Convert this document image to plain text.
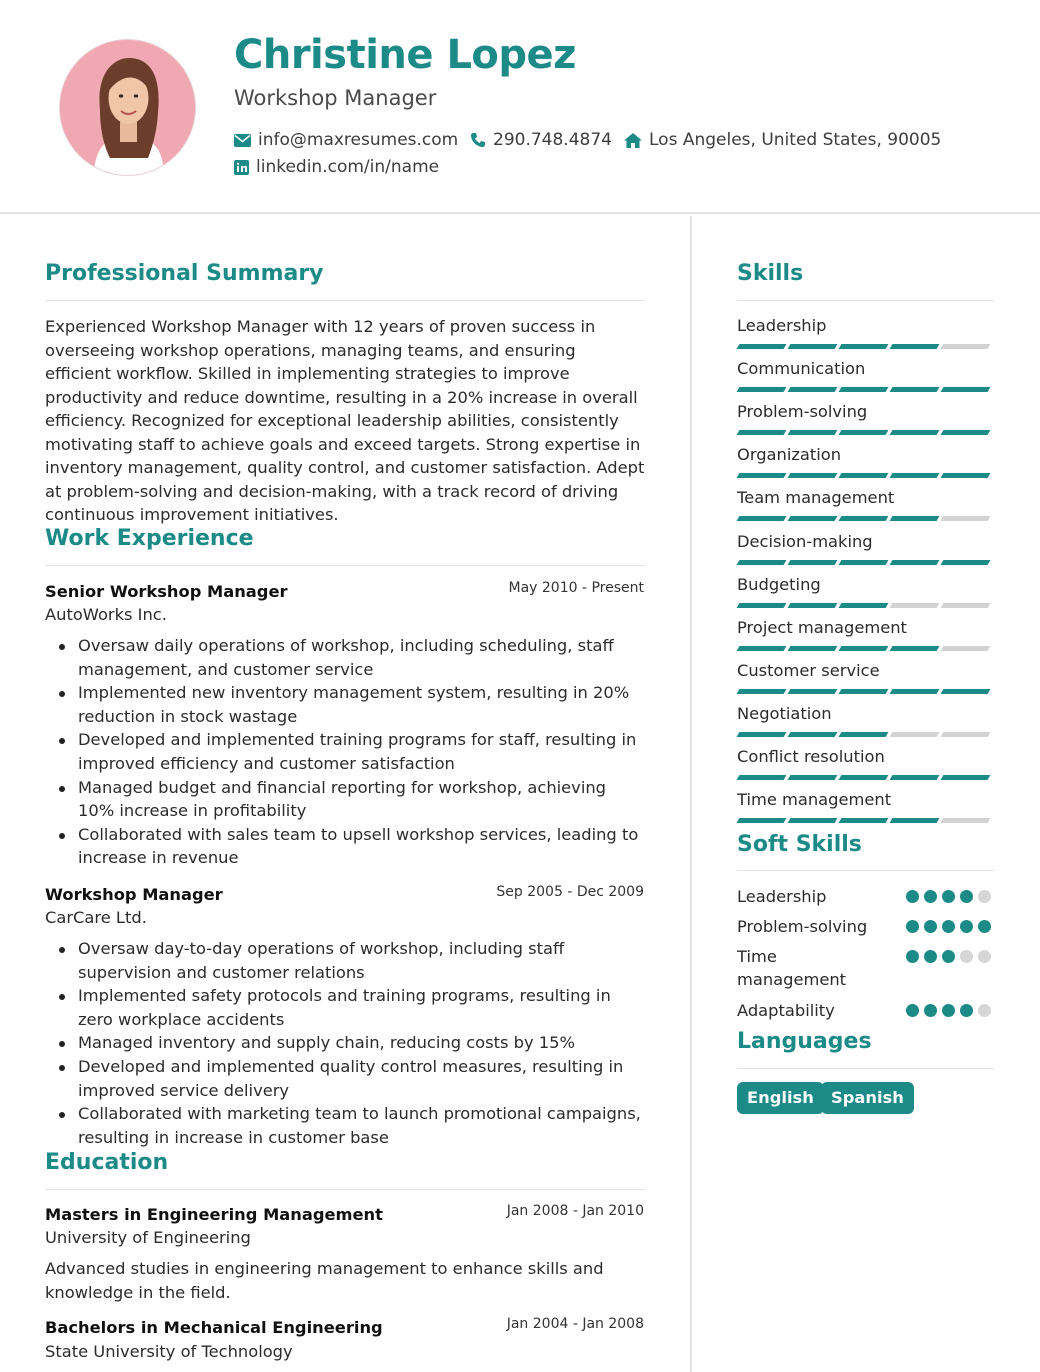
Christine Lopez
Workshop Manager
info@maxresumes.com 290.748.4874 Los Angeles, United States, 90005
linkedin.com/in/name
Professional Summary
Experienced Workshop Manager with 12 years of proven success in overseeing workshop operations, managing teams, and ensuring efficient workflow. Skilled in implementing strategies to improve productivity and reduce downtime, resulting in a 20% increase in overall efficiency. Recognized for exceptional leadership abilities, consistently motivating staff to achieve goals and exceed targets. Strong expertise in inventory management, quality control, and customer satisfaction. Adept at problem-solving and decision-making, with a track record of driving continuous improvement initiatives.
Work Experience
Senior Workshop Manager	May 2010 - Present
AutoWorks Inc.
Oversaw daily operations of workshop, including scheduling, staff management, and customer service
Implemented new inventory management system, resulting in 20% reduction in stock wastage
Developed and implemented training programs for staff, resulting in improved efficiency and customer satisfaction
Managed budget and financial reporting for workshop, achieving 10% increase in profitability
Collaborated with sales team to upsell workshop services, leading to increase in revenue
Workshop Manager	Sep 2005 - Dec 2009
CarCare Ltd.
Oversaw day-to-day operations of workshop, including staff supervision and customer relations
Implemented safety protocols and training programs, resulting in zero workplace accidents
Managed inventory and supply chain, reducing costs by 15%
Developed and implemented quality control measures, resulting in improved service delivery
Collaborated with marketing team to launch promotional campaigns, resulting in increase in customer base
Education
Masters in Engineering Management	Jan 2008 - Jan 2010
University of Engineering
Advanced studies in engineering management to enhance skills and knowledge in the field.
Bachelors in Mechanical Engineering	Jan 2004 - Jan 2008
State University of Technology
Skills
Leadership
Communication
Problem-solving
Organization
Team management
Decision-making
Budgeting
Project management
Customer service
Negotiation
Conflict resolution
Time management
Soft Skills
Leadership
Problem-solving
Time management
Adaptability
Languages
English	Spanish
